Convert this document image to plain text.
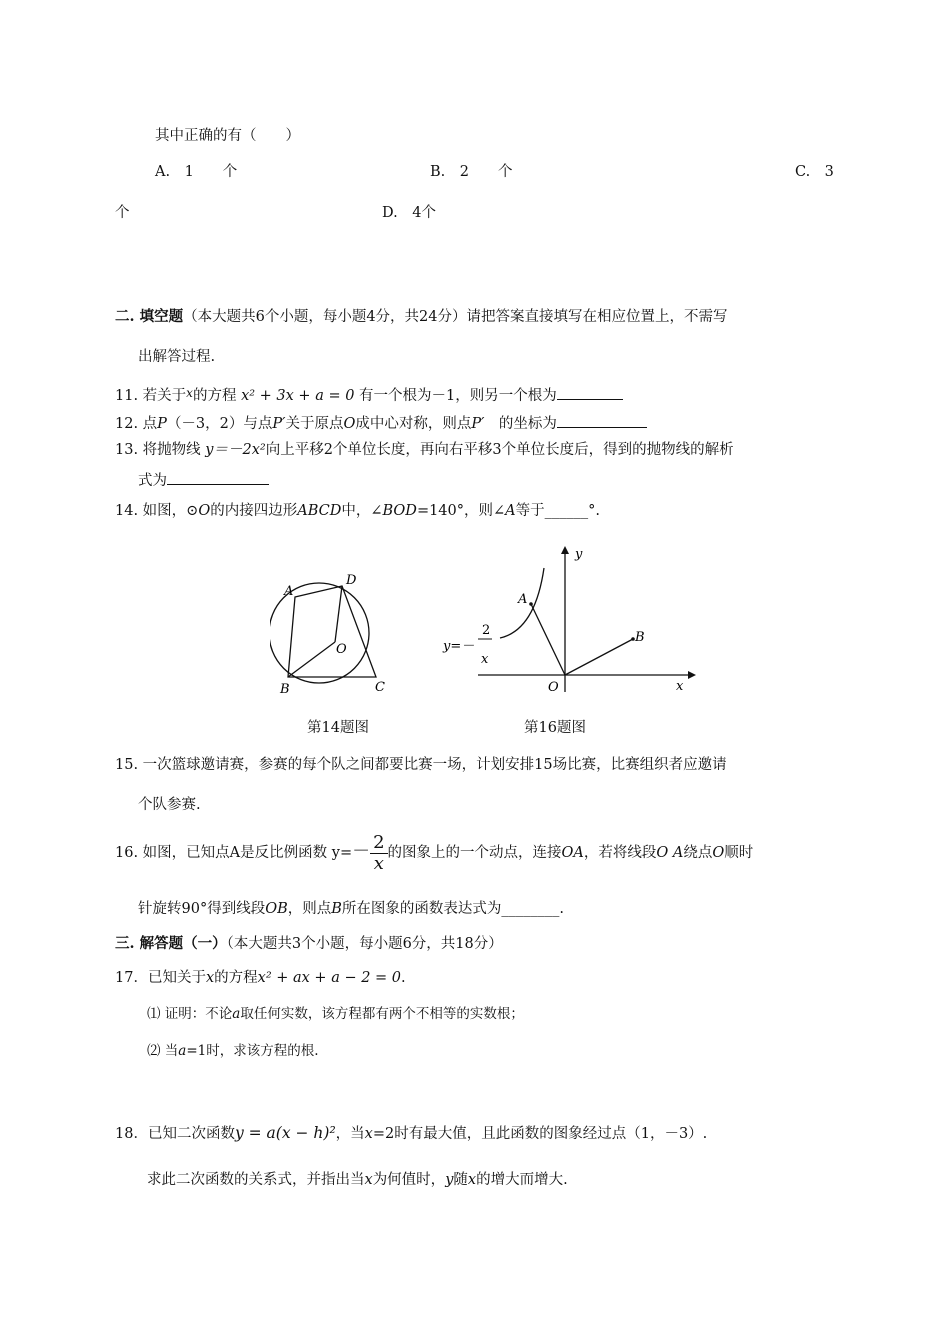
其中正确的有（　　）
A.　1　　个	B.　2　　个	C.　3
个	D.　4个
二. 填空题（本大题共6个小题，每小题4分，共24分）请把答案直接填写在相应位置上，不需写
出解答过程.
11. 若关于$^x$的方程 x² + 3x + a = 0 有一个根为－1，则另一个根为
12. 点P（－3，2）与点P′关于原点O成中心对称，则点P′　的坐标为
13. 将抛物线 y＝－2x²向上平移2个单位长度，再向右平移3个单位长度后，得到的抛物线的解析
式为
14. 如图，⊙O的内接四边形ABCD中，∠BOD=140°，则∠A等于______°.
A
D
O
B	C
y
x
A
B
O
y=－
2
x
第14题图	第16题图
15. 一次篮球邀请赛，参赛的每个队之间都要比赛一场，计划安排15场比赛，比赛组织者应邀请
个队参赛.
16. 如图，已知点A是反比例函数 $y=- \frac{2}{x}$ 的图象上的一个动点，连接OA，若将线段O A绕点O顺时
针旋转90°得到线段OB，则点B所在图象的函数表达式为________.
三. 解答题（一）（本大题共3个小题，每小题6分，共18分）
17．已知关于x的方程x² + ax + a − 2 = 0.
⑴ 证明：不论a取任何实数，该方程都有两个不相等的实数根；
⑵ 当a=1时，求该方程的根.
18．已知二次函数y = a(x − h)²，当x=2时有最大值，且此函数的图象经过点（1，－3）.
求此二次函数的关系式，并指出当x为何值时，y随x的增大而增大.
